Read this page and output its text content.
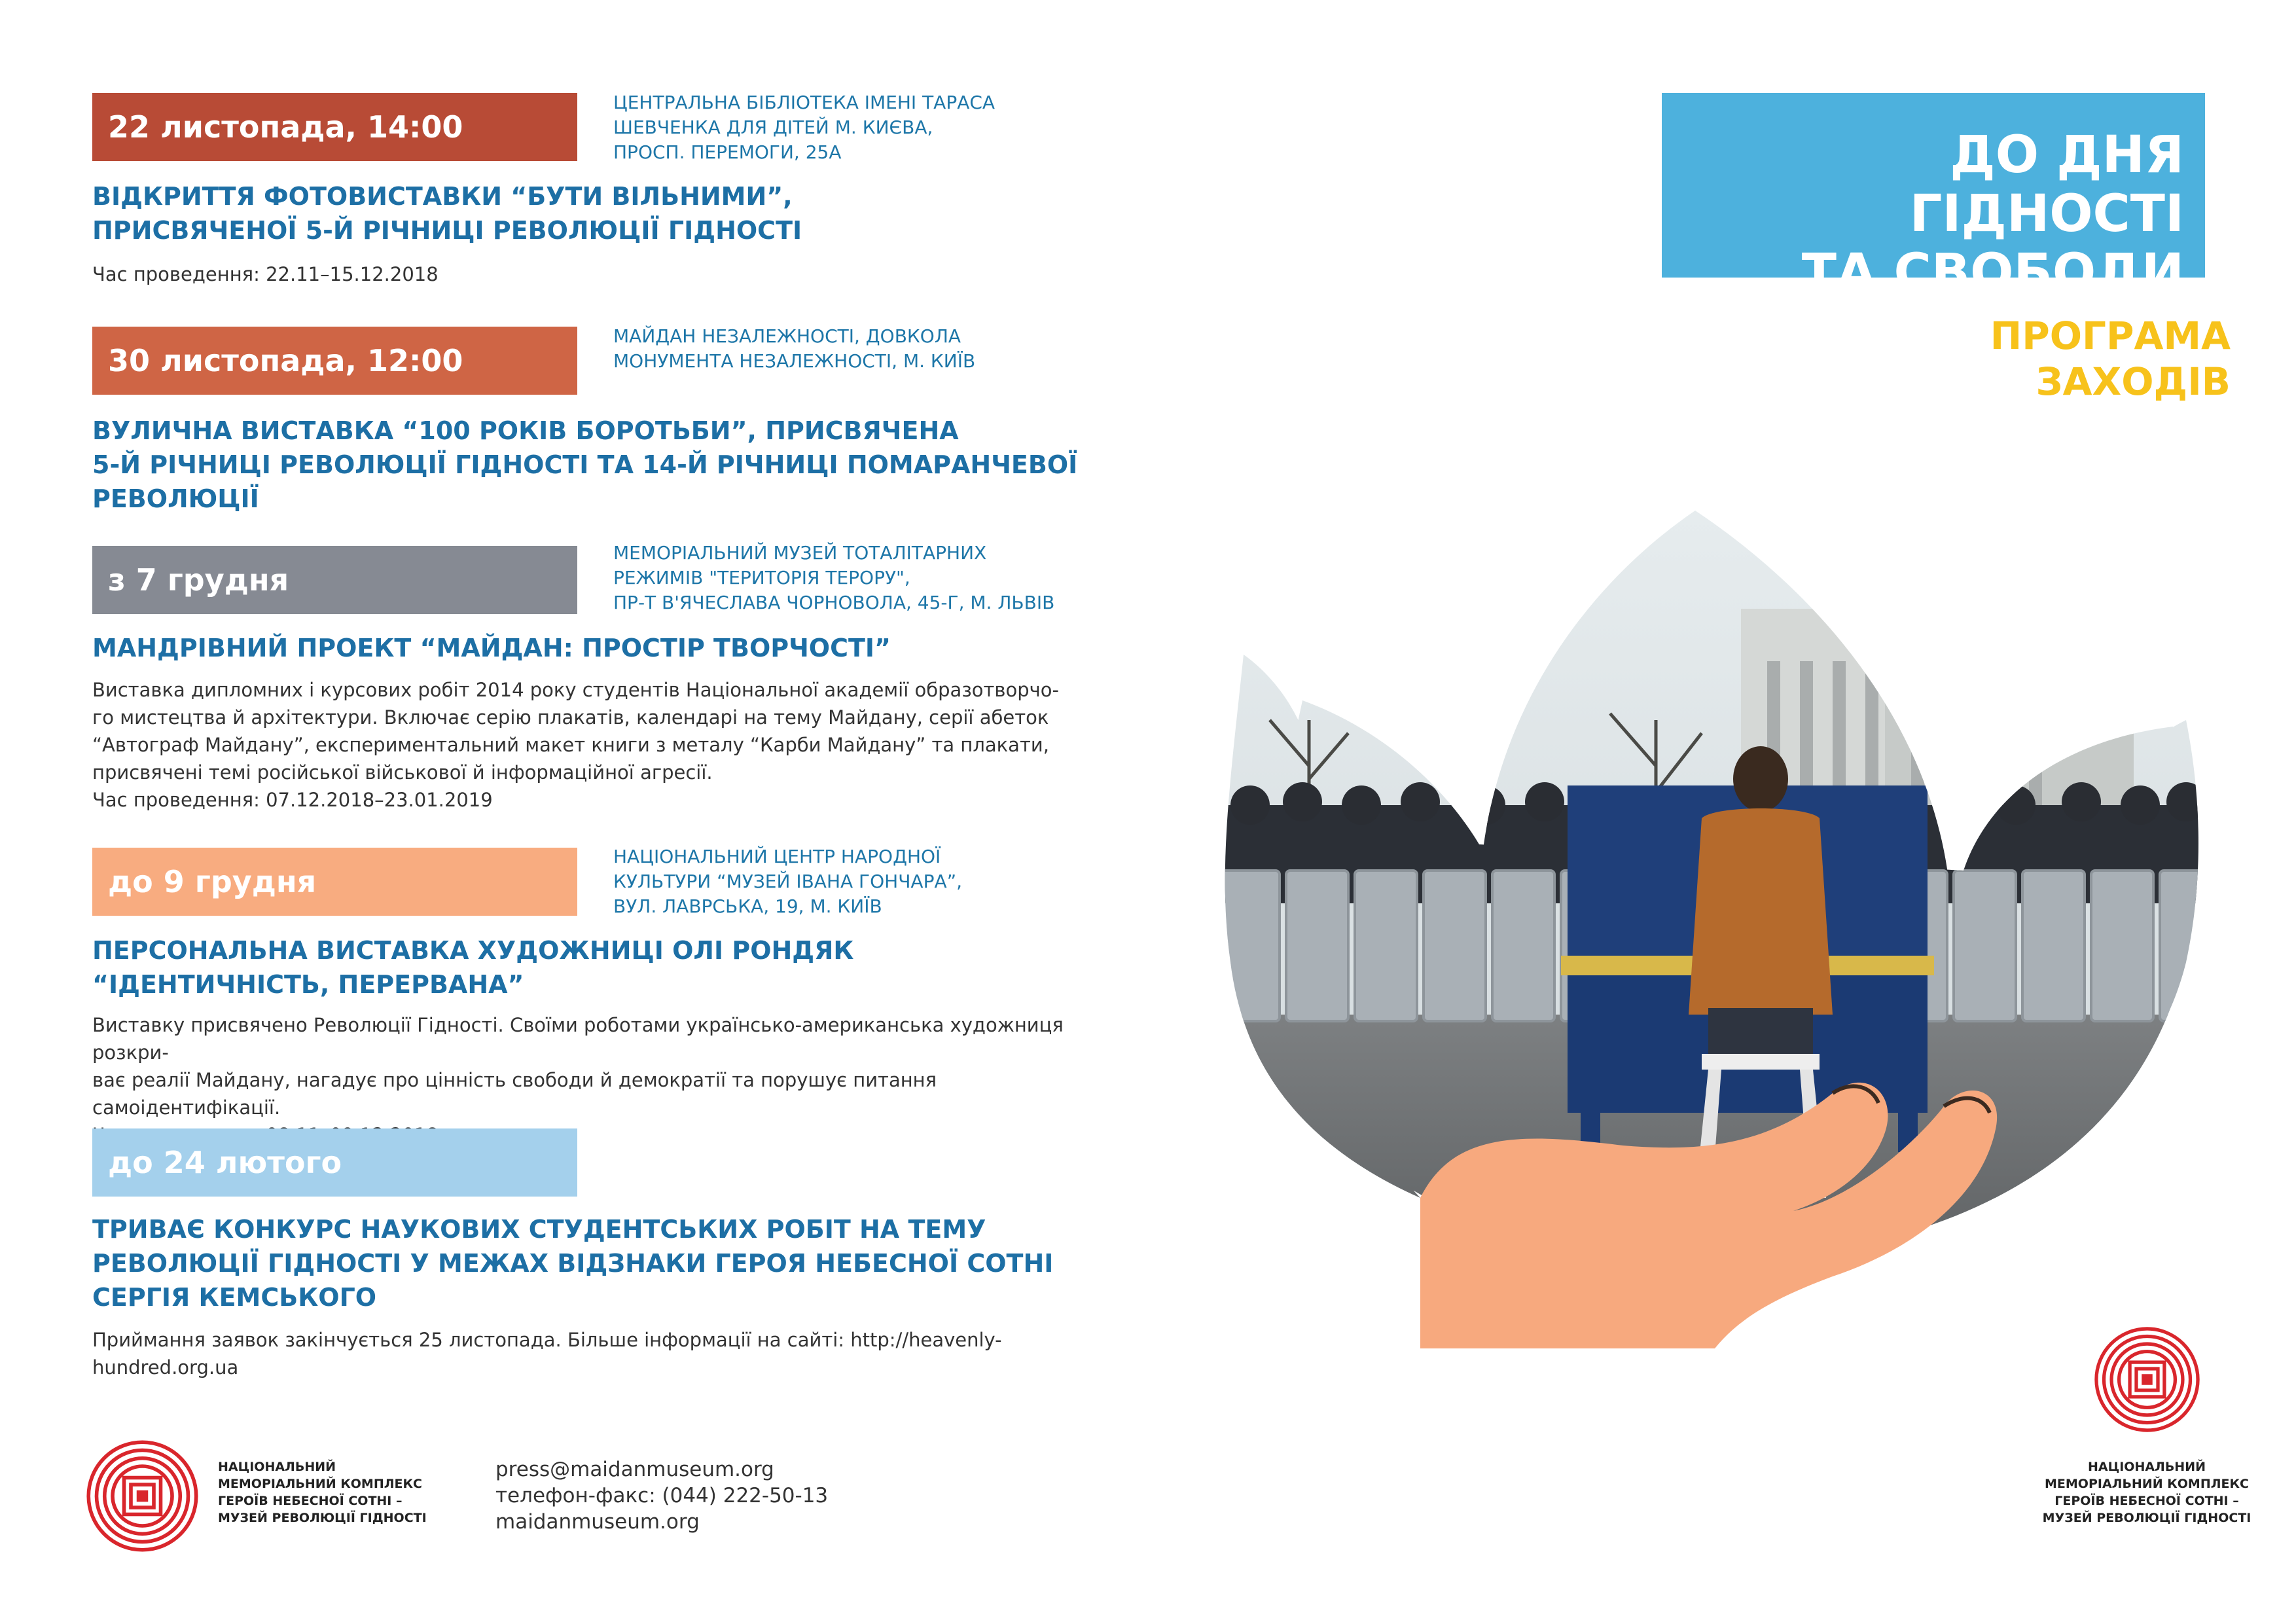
22 листопада, 14:00
ЦЕНТРАЛЬНА БІБЛІОТЕКА ІМЕНІ ТАРАСА
ШЕВЧЕНКА ДЛЯ ДІТЕЙ М. КИЄВА,
ПРОСП. ПЕРЕМОГИ, 25А
ВІДКРИТТЯ ФОТОВИСТАВКИ “БУТИ ВІЛЬНИМИ”,
ПРИСВЯЧЕНОЇ 5-Й РІЧНИЦІ РЕВОЛЮЦІЇ ГІДНОСТІ
Час проведення: 22.11–15.12.2018
30 листопада, 12:00
МАЙДАН НЕЗАЛЕЖНОСТІ, ДОВКОЛА
МОНУМЕНТА НЕЗАЛЕЖНОСТІ, М. КИЇВ
ВУЛИЧНА ВИСТАВКА “100 РОКІВ БОРОТЬБИ”, ПРИСВЯЧЕНА
5-Й РІЧНИЦІ РЕВОЛЮЦІЇ ГІДНОСТІ ТА 14-Й РІЧНИЦІ ПОМАРАНЧЕВОЇ
РЕВОЛЮЦІЇ
з 7 грудня
МЕМОРІАЛЬНИЙ МУЗЕЙ ТОТАЛІТАРНИХ
РЕЖИМІВ "ТЕРИТОРІЯ ТЕРОРУ",
ПР-Т В'ЯЧЕСЛАВА ЧОРНОВОЛА, 45-Г, М. ЛЬВІВ
МАНДРІВНИЙ ПРОЕКТ “МАЙДАН: ПРОСТІР ТВОРЧОСТІ”
Виставка дипломних і курсових робіт 2014 року студентів Національної академії образотворчо-
го мистецтва й архітектури. Включає серію плакатів, календарі на тему Майдану, серії абеток
“Автограф Майдану”, експериментальний макет книги з металу “Карби Майдану” та плакати,
присвячені темі російської військової й інформаційної агресії.
Час проведення: 07.12.2018–23.01.2019
до 9 грудня
НАЦІОНАЛЬНИЙ ЦЕНТР НАРОДНОЇ
КУЛЬТУРИ “МУЗЕЙ ІВАНА ГОНЧАРА”,
ВУЛ. ЛАВРСЬКА, 19, М. КИЇВ
ПЕРСОНАЛЬНА ВИСТАВКА ХУДОЖНИЦІ ОЛІ РОНДЯК
“ІДЕНТИЧНІСТЬ, ПЕРЕРВАНА”
Виставку присвячено Революції Гідності. Своїми роботами українсько-американська художниця розкри-
ває реалії Майдану, нагадує про цінність свободи й демократії та порушує питання самоідентифікації.
до 24 лютого
ТРИВАЄ КОНКУРС НАУКОВИХ СТУДЕНТСЬКИХ РОБІТ НА ТЕМУ
РЕВОЛЮЦІЇ ГІДНОСТІ У МЕЖАХ ВІДЗНАКИ ГЕРОЯ НЕБЕСНОЇ СОТНІ
СЕРГІЯ КЕМСЬКОГО
Приймання заявок закінчується 25 листопада. Більше інформації на сайті: http://heavenly-hundred.org.ua
НАЦІОНАЛЬНИЙ
МЕМОРІАЛЬНИЙ КОМПЛЕКС
ГЕРОЇВ НЕБЕСНОЇ СОТНІ –
МУЗЕЙ РЕВОЛЮЦІЇ ГІДНОСТІ
press@maidanmuseum.org
телефон-факс: (044) 222-50-13
maidanmuseum.org
ДО ДНЯ ГІДНОСТІ
ТА СВОБОДИ
ПРОГРАМА
ЗАХОДІВ
НАЦІОНАЛЬНИЙ
МЕМОРІАЛЬНИЙ КОМПЛЕКС
ГЕРОЇВ НЕБЕСНОЇ СОТНІ –
МУЗЕЙ РЕВОЛЮЦІЇ ГІДНОСТІ
